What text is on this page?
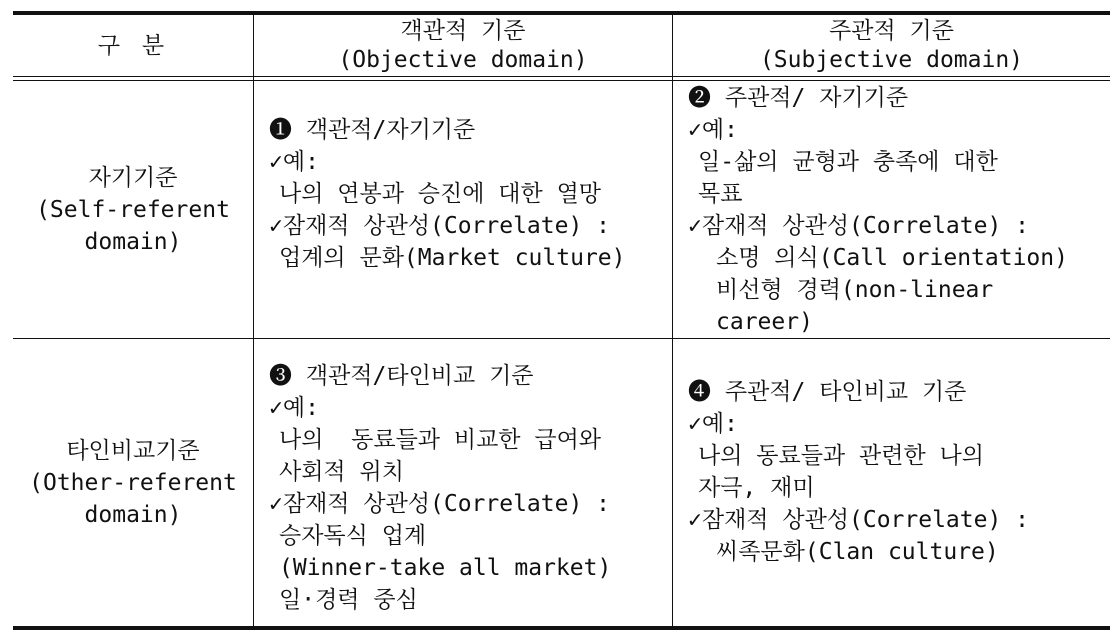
구 분
객관적 기준
(Objective domain)
주관적 기준
(Subjective domain)
자기기준
(Self-referent
domain)
❶ 객관적/자기기준
✓예:
나의 연봉과 승진에 대한 열망
✓잠재적 상관성(Correlate) :
업계의 문화(Market culture)
❷ 주관적/ 자기기준
✓예:
일-삶의 균형과 충족에 대한
목표
✓잠재적 상관성(Correlate) :
소명 의식(Call orientation)
비선형 경력(non-linear
career)
타인비교기준
(Other-referent
domain)
❸ 객관적/타인비교 기준
✓예:
나의  동료들과 비교한 급여와
사회적 위치
✓잠재적 상관성(Correlate) :
승자독식 업계
(Winner-take all market)
일·경력 중심
❹ 주관적/ 타인비교 기준
✓예:
나의 동료들과 관련한 나의
자극, 재미
✓잠재적 상관성(Correlate) :
씨족문화(Clan culture)
